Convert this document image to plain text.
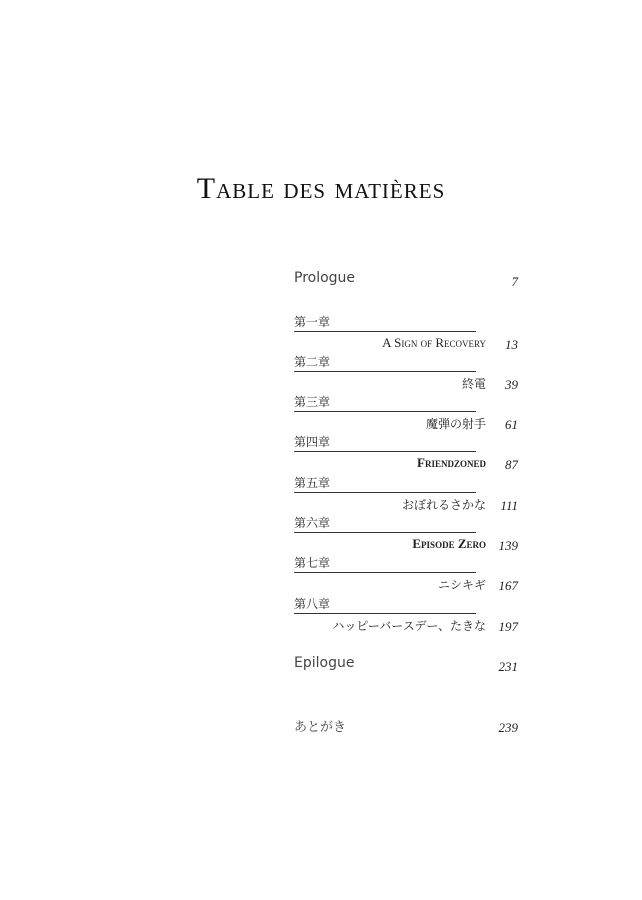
Table des matières
Prologue	7
第一章
A Sign of Recovery 13
第二章
終電 39
第三章
魔弾の射手 61
第四章
Friendzoned 87
第五章
おぼれるさかな 111
第六章
Episode Zero 139
第七章
ニシキギ 167
第八章
ハッピーバースデー、たきな 197
Epilogue	231
あとがき	239
